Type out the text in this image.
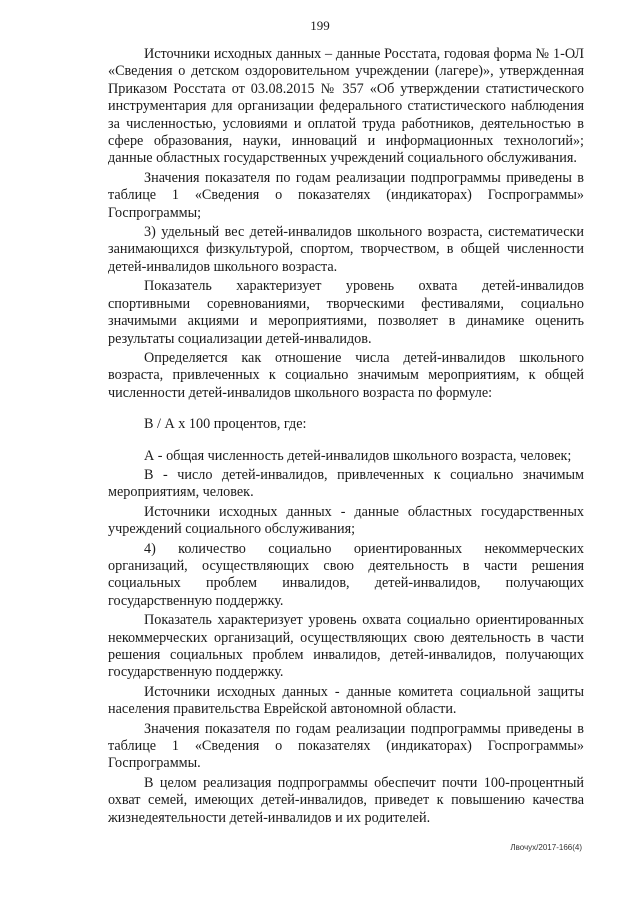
199

Источники исходных данных – данные Росстата, годовая форма № 1-ОЛ «Сведения о детском оздоровительном учреждении (лагере)», утвержденная Приказом Росстата от 03.08.2015 № 357 «Об утверждении статистического инструментария для организации федерального статистического наблюдения за численностью, условиями и оплатой труда работников, деятельностью в сфере образования, науки, инноваций и информационных технологий»; данные областных государственных учреждений социального обслуживания.

Значения показателя по годам реализации подпрограммы приведены в таблице 1 «Сведения о показателях (индикаторах) Госпрограммы» Госпрограммы;

3) удельный вес детей-инвалидов школьного возраста, систематически занимающихся физкультурой, спортом, творчеством, в общей численности детей-инвалидов школьного возраста.

Показатель характеризует уровень охвата детей-инвалидов спортивными соревнованиями, творческими фестивалями, социально значимыми акциями и мероприятиями, позволяет в динамике оценить результаты социализации детей-инвалидов.

Определяется как отношение числа детей-инвалидов школьного возраста, привлеченных к социально значимым мероприятиям, к общей численности детей-инвалидов школьного возраста по формуле:

В / А х 100 процентов, где:

А - общая численность детей-инвалидов школьного возраста, человек;

В - число детей-инвалидов, привлеченных к социально значимым мероприятиям, человек.

Источники исходных данных - данные областных государственных учреждений социального обслуживания;

4) количество социально ориентированных некоммерческих организаций, осуществляющих свою деятельность в части решения социальных проблем инвалидов, детей-инвалидов, получающих государственную поддержку.

Показатель характеризует уровень охвата социально ориентированных некоммерческих организаций, осуществляющих свою деятельность в части решения социальных проблем инвалидов, детей-инвалидов, получающих государственную поддержку.

Источники исходных данных - данные комитета социальной защиты населения правительства Еврейской автономной области.

Значения показателя по годам реализации подпрограммы приведены в таблице 1 «Сведения о показателях (индикаторах) Госпрограммы» Госпрограммы.

В целом реализация подпрограммы обеспечит почти 100-процентный охват семей, имеющих детей-инвалидов, приведет к повышению качества жизнедеятельности детей-инвалидов и их родителей.

Лвочух/2017-166(4)
